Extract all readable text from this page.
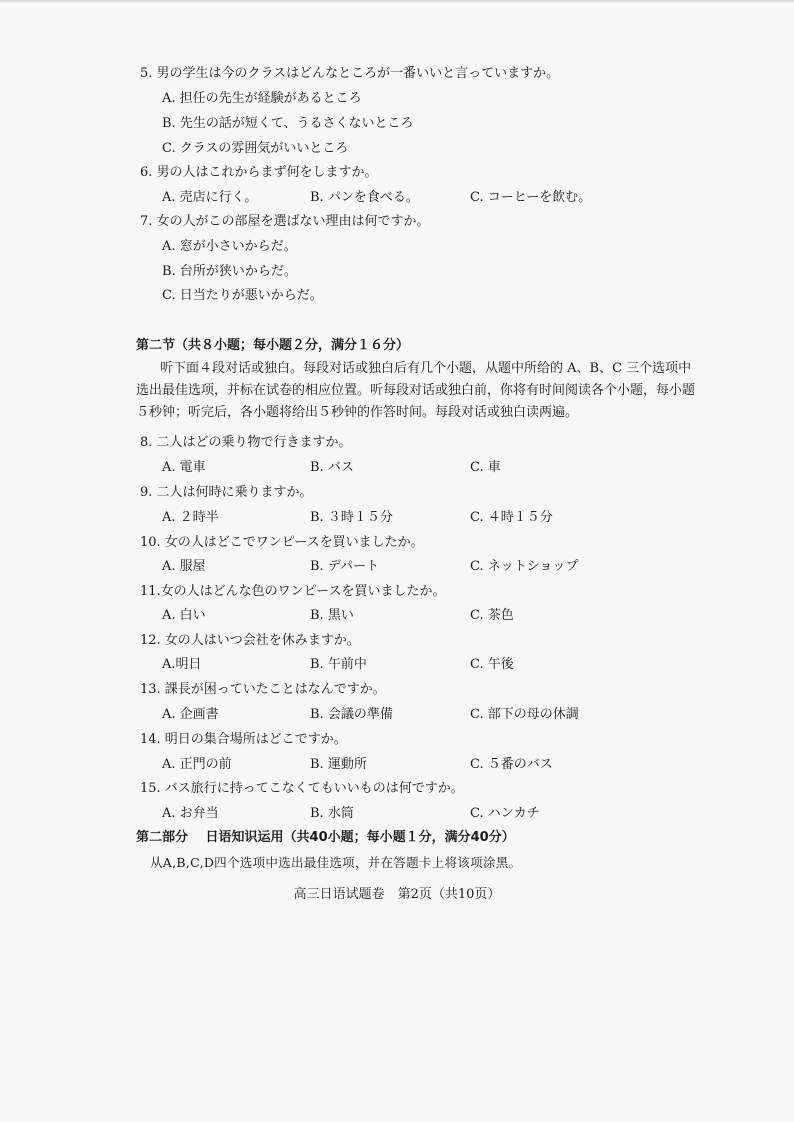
5. 男の学生は今のクラスはどんなところが一番いいと言っていますか。
A. 担任の先生が経験があるところ
B. 先生の話が短くて、うるさくないところ
C. クラスの雰囲気がいいところ
6. 男の人はこれからまず何をしますか。
A. 売店に行く。	B. パンを食べる。	C. コーヒーを飲む。
7. 女の人がこの部屋を選ばない理由は何ですか。
A. 窓が小さいからだ。
B. 台所が狭いからだ。
C. 日当たりが悪いからだ。
第二节（共８小题；每小题２分，满分１６分）
听下面４段对话或独白。每段对话或独白后有几个小题，从题中所给的 A、B、C 三个选项中选出最佳选项，并标在试卷的相应位置。听每段对话或独白前，你将有时间阅读各个小题，每小题５秒钟；听完后，各小题将给出５秒钟的作答时间。每段对话或独白读两遍。
8. 二人はどの乗り物で行きますか。
A. 電車	B. バス	C. 車
9. 二人は何時に乗りますか。
A. ２時半	B. ３時１５分	C. ４時１５分
10. 女の人はどこでワンピースを買いましたか。
A. 服屋	B. デパート	C. ネットショップ
11.女の人はどんな色のワンピースを買いましたか。
A. 白い	B. 黒い	C. 茶色
12. 女の人はいつ会社を休みますか。
A.明日	B. 午前中	C. 午後
13. 課長が困っていたことはなんですか。
A. 企画書	B. 会議の準備	C. 部下の母の休調
14. 明日の集合場所はどこですか。
A. 正門の前	B. 運動所	C. ５番のバス
15. バス旅行に持ってこなくてもいいものは何ですか。
A. お弁当	B. 水筒	C. ハンカチ
第二部分　 日语知识运用（共40小题；每小题１分，满分40分）
从A,B,C,D四个选项中选出最佳选项，并在答题卡上将该项涂黑。
高三日语试题卷　第2页（共10页）
